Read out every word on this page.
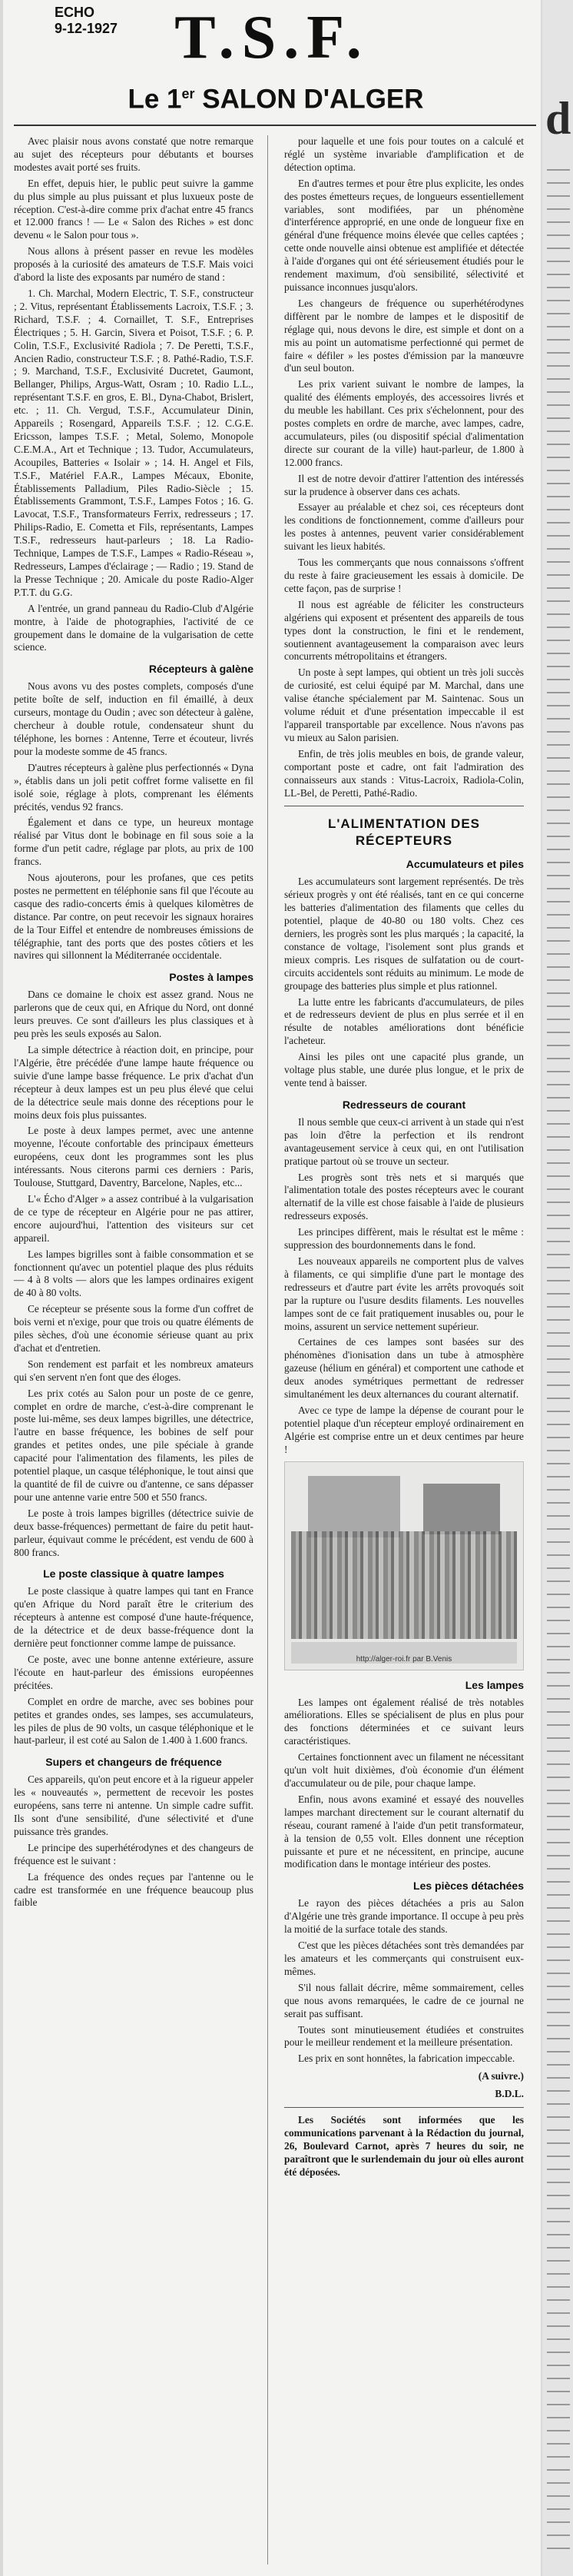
ECHO
9-12-1927 T.S.F.
Le 1er SALON D'ALGER

Avec plaisir nous avons constaté que notre remarque au sujet des récepteurs pour débutants et bourses modestes avait porté ses fruits.

En effet, depuis hier, le public peut suivre la gamme du plus simple au plus puissant et plus luxueux poste de réception. C'est-à-dire comme prix d'achat entre 45 francs et 12.000 francs ! — Le « Salon des Riches » est donc devenu « le Salon pour tous ».

Nous allons à présent passer en revue les modèles proposés à la curiosité des amateurs de T.S.F. Mais voici d'abord la liste des exposants par numéro de stand :

1. Ch. Marchal, Modern Electric, T. S.F., constructeur ; 2. Vitus, représentant Établissements Lacroix, T.S.F. ; 3. Richard, T.S.F. ; 4. Cornaillet, T. S.F., Entreprises Électriques ; 5. H. Garcin, Sivera et Poisot, T.S.F. ; 6. P. Colin, T.S.F., Exclusivité Radiola ; 7. De Peretti, T.S.F., Ancien Radio, constructeur T.S.F. ; 8. Pathé-Radio, T.S.F. ; 9. Marchand, T.S.F., Exclusivité Ducretet, Gaumont, Bellanger, Philips, Argus-Watt, Osram ; 10. Radio L.L., représentant T.S.F. en gros, E. Bl., Dyna-Chabot, Brislert, etc. ; 11. Ch. Vergud, T.S.F., Accumulateur Dinin, Appareils ; Rosengard, Appareils T.S.F. ; 12. C.G.E. Ericsson, lampes T.S.F. ; Metal, Solemo, Monopole C.E.M.A., Art et Technique ; 13. Tudor, Accumulateurs, Acoupiles, Batteries « Isolair » ; 14. H. Angel et Fils, T.S.F., Matériel F.A.R., Lampes Mécaux, Ebonite, Établissements Palladium, Piles Radio-Siècle ; 15. Établissements Grammont, T.S.F., Lampes Fotos ; 16. G. Lavocat, T.S.F., Transformateurs Ferrix, redresseurs ; 17. Philips-Radio, E. Cometta et Fils, représentants, Lampes T.S.F., redresseurs haut-parleurs ; 18. La Radio-Technique, Lampes de T.S.F., Lampes « Radio-Réseau », Redresseurs, Lampes d'éclairage ; — Radio ; 19. Stand de la Presse Technique ; 20. Amicale du poste Radio-Alger P.T.T. du G.G.

A l'entrée, un grand panneau du Radio-Club d'Algérie montre, à l'aide de photographies, l'activité de ce groupement dans le domaine de la vulgarisation de cette science.

Récepteurs à galène

Nous avons vu des postes complets, composés d'une petite boîte de self, induction en fil émaillé, à deux curseurs, montage du Oudin ; avec son détecteur à galène, chercheur à double rotule, condensateur shunt du téléphone, les bornes : Antenne, Terre et écouteur, livrés pour la modeste somme de 45 francs.

D'autres récepteurs à galène plus perfectionnés « Dyna », établis dans un joli petit coffret forme valisette en fil isolé soie, réglage à plots, comprenant les éléments précités, vendus 92 francs.

Également et dans ce type, un heureux montage réalisé par Vitus dont le bobinage en fil sous soie a la forme d'un petit cadre, réglage par plots, au prix de 100 francs.

Nous ajouterons, pour les profanes, que ces petits postes ne permettent en téléphonie sans fil que l'écoute au casque des radio-concerts émis à quelques kilomètres de distance. Par contre, on peut recevoir les signaux horaires de la Tour Eiffel et entendre de nombreuses émissions de télégraphie, tant des ports que des postes côtiers et les navires qui sillonnent la Méditerranée occidentale.

Postes à lampes

Dans ce domaine le choix est assez grand. Nous ne parlerons que de ceux qui, en Afrique du Nord, ont donné leurs preuves. Ce sont d'ailleurs les plus classiques et à peu près les seuls exposés au Salon.

La simple détectrice à réaction doit, en principe, pour l'Algérie, être précédée d'une lampe haute fréquence ou suivie d'une lampe basse fréquence. Le prix d'achat d'un récepteur à deux lampes est un peu plus élevé que celui de la détectrice seule mais donne des réceptions pour le moins deux fois plus puissantes.

Le poste à deux lampes permet, avec une antenne moyenne, l'écoute confortable des principaux émetteurs européens, ceux dont les programmes sont les plus intéressants. Nous citerons parmi ces derniers : Paris, Toulouse, Stuttgard, Daventry, Barcelone, Naples, etc...

L'« Écho d'Alger » a assez contribué à la vulgarisation de ce type de récepteur en Algérie pour ne pas attirer, encore aujourd'hui, l'attention des visiteurs sur cet appareil.

Les lampes bigrilles sont à faible consommation et se fonctionnent qu'avec un potentiel plaque des plus réduits — 4 à 8 volts — alors que les lampes ordinaires exigent de 40 à 80 volts.

Ce récepteur se présente sous la forme d'un coffret de bois verni et n'exige, pour que trois ou quatre éléments de piles sèches, d'où une économie sérieuse quant au prix d'achat et d'entretien.

Son rendement est parfait et les nombreux amateurs qui s'en servent n'en font que des éloges.

Les prix cotés au Salon pour un poste de ce genre, complet en ordre de marche, c'est-à-dire comprenant le poste lui-même, ses deux lampes bigrilles, une détectrice, l'autre en basse fréquence, les bobines de self pour grandes et petites ondes, une pile spéciale à grande capacité pour l'alimentation des filaments, les piles de potentiel plaque, un casque téléphonique, le tout ainsi que la quantité de fil de cuivre ou d'antenne, ce sans dépasser pour une antenne varie entre 500 et 550 francs.

Le poste à trois lampes bigrilles (détectrice suivie de deux basse-fréquences) permettant de faire du petit haut-parleur, équivaut comme le précédent, est vendu de 600 à 800 francs.

Le poste classique à quatre lampes

Le poste classique à quatre lampes qui tant en France qu'en Afrique du Nord paraît être le criterium des récepteurs à antenne est composé d'une haute-fréquence, de la détectrice et de deux basse-fréquence dont la dernière peut fonctionner comme lampe de puissance.

Ce poste, avec une bonne antenne extérieure, assure l'écoute en haut-parleur des émissions européennes précitées.

Complet en ordre de marche, avec ses bobines pour petites et grandes ondes, ses lampes, ses accumulateurs, les piles de plus de 90 volts, un casque téléphonique et le haut-parleur, il est coté au Salon de 1.400 à 1.600 francs.

Supers et changeurs de fréquence

Ces appareils, qu'on peut encore et à la rigueur appeler les « nouveautés », permettent de recevoir les postes européens, sans terre ni antenne. Un simple cadre suffit. Ils sont d'une sensibilité, d'une sélectivité et d'une puissance très grandes.

Le principe des superhétérodynes et des changeurs de fréquence est le suivant :

La fréquence des ondes reçues par l'antenne ou le cadre est transformée en une fréquence beaucoup plus faible

pour laquelle et une fois pour toutes on a calculé et réglé un système invariable d'amplification et de détection optima.

En d'autres termes et pour être plus explicite, les ondes des postes émetteurs reçues, de longueurs essentiellement variables, sont modifiées, par un phénomène d'interférence approprié, en une onde de longueur fixe en général d'une fréquence moins élevée que celles captées ; cette onde nouvelle ainsi obtenue est amplifiée et détectée à l'aide d'organes qui ont été sérieusement étudiés pour le rendement maximum, d'où sensibilité, sélectivité et puissance inconnues jusqu'alors.

Les changeurs de fréquence ou superhétérodynes diffèrent par le nombre de lampes et le dispositif de réglage qui, nous devons le dire, est simple et dont on a mis au point un automatisme perfectionné qui permet de faire « défiler » les postes d'émission par la manœuvre d'un seul bouton.

Les prix varient suivant le nombre de lampes, la qualité des éléments employés, des accessoires livrés et du meuble les habillant. Ces prix s'échelonnent, pour des postes complets en ordre de marche, avec lampes, cadre, accumulateurs, piles (ou dispositif spécial d'alimentation directe sur courant de la ville) haut-parleur, de 1.800 à 12.000 francs.

Il est de notre devoir d'attirer l'attention des intéressés sur la prudence à observer dans ces achats.

Essayer au préalable et chez soi, ces récepteurs dont les conditions de fonctionnement, comme d'ailleurs pour les postes à antennes, peuvent varier considérablement suivant les lieux habités.

Tous les commerçants que nous connaissons s'offrent du reste à faire gracieusement les essais à domicile. De cette façon, pas de surprise !

Il nous est agréable de féliciter les constructeurs algériens qui exposent et présentent des appareils de tous types dont la construction, le fini et le rendement, soutiennent avantageusement la comparaison avec leurs concurrents métropolitains et étrangers.

Un poste à sept lampes, qui obtient un très joli succès de curiosité, est celui équipé par M. Marchal, dans une valise étanche spécialement par M. Saintenac. Sous un volume réduit et d'une présentation impeccable il est l'appareil transportable par excellence. Nous n'avons pas vu mieux au Salon parisien.

Enfin, de très jolis meubles en bois, de grande valeur, comportant poste et cadre, ont fait l'admiration des connaisseurs aux stands : Vitus-Lacroix, Radiola-Colin, LL-Bel, de Peretti, Pathé-Radio.

L'ALIMENTATION DES RÉCEPTEURS
Accumulateurs et piles

Les accumulateurs sont largement représentés. De très sérieux progrès y ont été réalisés, tant en ce qui concerne les batteries d'alimentation des filaments que celles du potentiel, plaque de 40-80 ou 180 volts. Chez ces derniers, les progrès sont les plus marqués ; la capacité, la constance de voltage, l'isolement sont plus grands et mieux compris. Les risques de sulfatation ou de court-circuits accidentels sont réduits au minimum. Le mode de groupage des batteries plus simple et plus rationnel.

La lutte entre les fabricants d'accumulateurs, de piles et de redresseurs devient de plus en plus serrée et il en résulte de notables améliorations dont bénéficie l'acheteur.

Ainsi les piles ont une capacité plus grande, un voltage plus stable, une durée plus longue, et le prix de vente tend à baisser.

Redresseurs de courant

Il nous semble que ceux-ci arrivent à un stade qui n'est pas loin d'être la perfection et ils rendront avantageusement service à ceux qui, en ont l'utilisation pratique partout où se trouve un secteur.

Les progrès sont très nets et si marqués que l'alimentation totale des postes récepteurs avec le courant alternatif de la ville est chose faisable à l'aide de plusieurs redresseurs exposés.

Les principes diffèrent, mais le résultat est le même : suppression des bourdonnements dans le fond.

Les nouveaux appareils ne comportent plus de valves à filaments, ce qui simplifie d'une part le montage des redresseurs et d'autre part évite les arrêts provoqués soit par la rupture ou l'usure desdits filaments. Les nouvelles lampes sont de ce fait pratiquement inusables ou, pour le moins, assurent un service nettement supérieur.

Certaines de ces lampes sont basées sur des phénomènes d'ionisation dans un tube à atmosphère gazeuse (hélium en général) et comportent une cathode et deux anodes symétriques permettant de redresser simultanément les deux alternances du courant alternatif.

Avec ce type de lampe la dépense de courant pour le potentiel plaque d'un récepteur employé ordinairement en Algérie est comprise entre un et deux centimes par heure !

http://alger-roi.fr par B.Venis
Les lampes

Les lampes ont également réalisé de très notables améliorations. Elles se spécialisent de plus en plus pour des fonctions déterminées et ce suivant leurs caractéristiques.

Certaines fonctionnent avec un filament ne nécessitant qu'un volt huit dixièmes, d'où économie d'un élément d'accumulateur ou de pile, pour chaque lampe.

Enfin, nous avons examiné et essayé des nouvelles lampes marchant directement sur le courant alternatif du réseau, courant ramené à l'aide d'un petit transformateur, à la tension de 0,55 volt. Elles donnent une réception puissante et pure et ne nécessitent, en principe, aucune modification dans le montage intérieur des postes.

Les pièces détachées

Le rayon des pièces détachées a pris au Salon d'Algérie une très grande importance. Il occupe à peu près la moitié de la surface totale des stands.

C'est que les pièces détachées sont très demandées par les amateurs et les commerçants qui construisent eux-mêmes.

S'il nous fallait décrire, même sommairement, celles que nous avons remarquées, le cadre de ce journal ne serait pas suffisant.

Toutes sont minutieusement étudiées et construites pour le meilleur rendement et la meilleure présentation.

Les prix en sont honnêtes, la fabrication impeccable.

(A suivre.)

B.D.L.

Les Sociétés sont informées que les communications parvenant à la Rédaction du journal, 26, Boulevard Carnot, après 7 heures du soir, ne paraîtront que le surlendemain du jour où elles auront été déposées.

d
